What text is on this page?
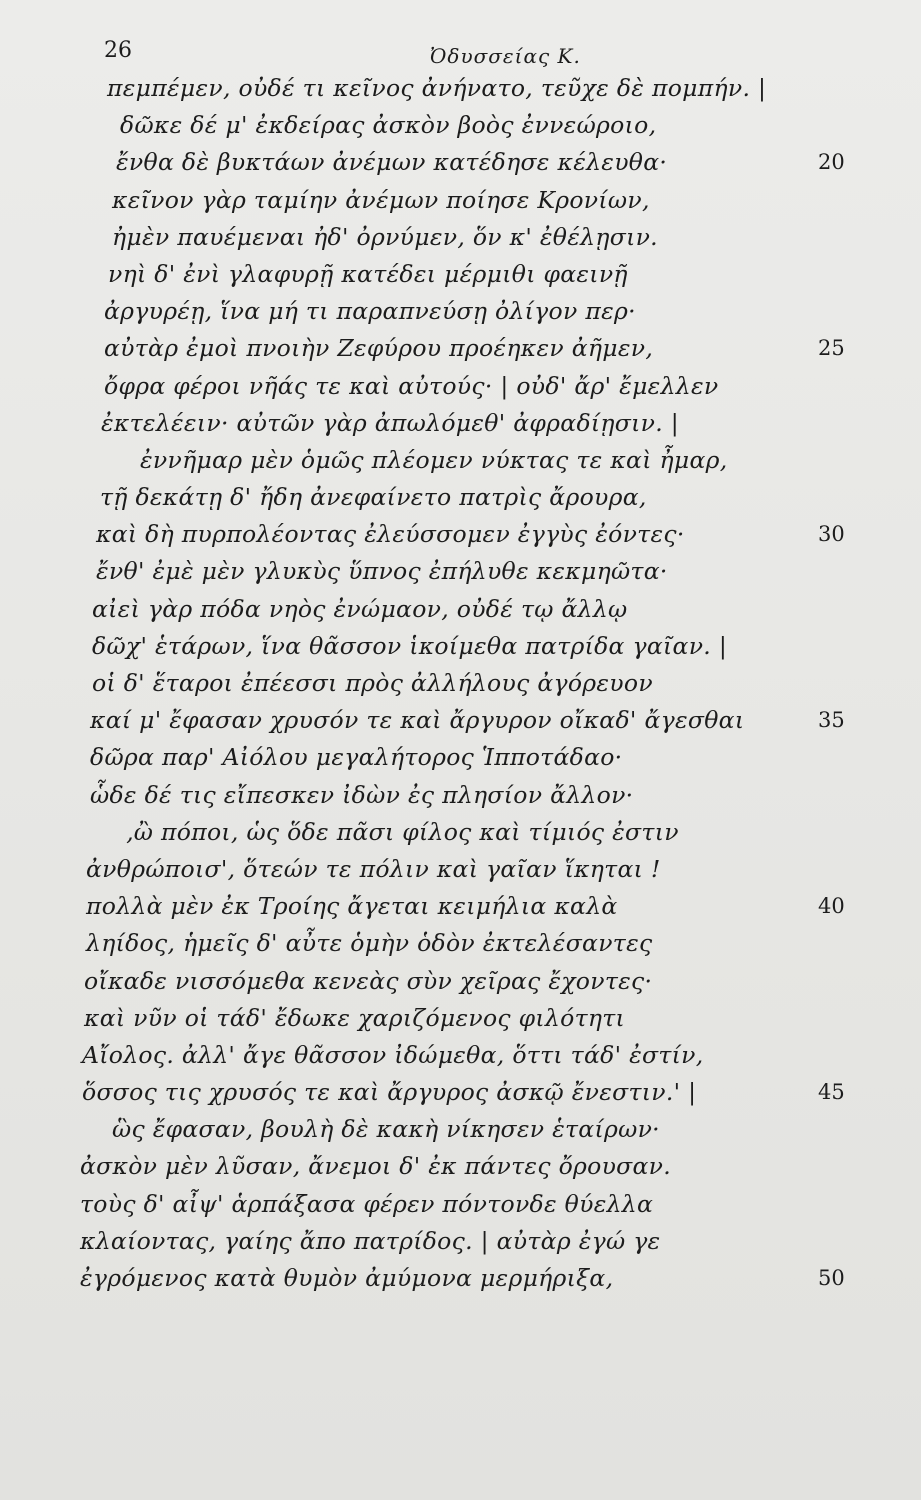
26	Ὀδυσσείας Κ.
πεμπέμεν, οὐδέ τι κεῖνος ἀνήνατο, τεῦχε δὲ πομπήν. |
δῶκε δέ μ' ἐκδείρας ἀσκὸν βοὸς ἐννεώροιο,
ἔνθα δὲ βυκτάων ἀνέμων κατέδησε κέλευθα·	20
κεῖνον γὰρ ταμίην ἀνέμων ποίησε Κρονίων,
ἠμὲν παυέμεναι ἠδ' ὀρνύμεν, ὅν κ' ἐθέλῃσιν.
νηὶ δ' ἐνὶ γλαφυρῇ κατέδει μέρμιθι φαεινῇ
ἀργυρέῃ, ἵνα μή τι παραπνεύσῃ ὀλίγον περ·
αὐτὰρ ἐμοὶ πνοιὴν Ζεφύρου προέηκεν ἀῆμεν,	25
ὄφρα φέροι νῆάς τε καὶ αὐτούς· | οὐδ' ἄρ' ἔμελλεν
ἐκτελέειν· αὐτῶν γὰρ ἀπωλόμεθ' ἀφραδίῃσιν. |
ἐννῆμαρ μὲν ὁμῶς πλέομεν νύκτας τε καὶ ἦμαρ,
τῇ δεκάτῃ δ' ἤδη ἀνεφαίνετο πατρὶς ἄρουρα,
καὶ δὴ πυρπολέοντας ἐλεύσσομεν ἐγγὺς ἐόντες·	30
ἔνθ' ἐμὲ μὲν γλυκὺς ὕπνος ἐπήλυθε κεκμηῶτα·
αἰεὶ γὰρ πόδα νηὸς ἐνώμαον, οὐδέ τῳ ἄλλῳ
δῶχ' ἑτάρων, ἵνα θᾶσσον ἱκοίμεθα πατρίδα γαῖαν. |
οἱ δ' ἕταροι ἐπέεσσι πρὸς ἀλλήλους ἀγόρευον
καί μ' ἔφασαν χρυσόν τε καὶ ἄργυρον οἴκαδ' ἄγεσθαι	35
δῶρα παρ' Αἰόλου μεγαλήτορος Ἱπποτάδαο·
ὧδε δέ τις εἴπεσκεν ἰδὼν ἐς πλησίον ἄλλον·
‚ὢ πόποι, ὡς ὅδε πᾶσι φίλος καὶ τίμιός ἐστιν
ἀνθρώποισ', ὅτεών τε πόλιν καὶ γαῖαν ἵκηται !
πολλὰ μὲν ἐκ Τροίης ἄγεται κειμήλια καλὰ	40
ληίδος, ἡμεῖς δ' αὖτε ὁμὴν ὁδὸν ἐκτελέσαντες
οἴκαδε νισσόμεθα κενεὰς σὺν χεῖρας ἔχοντες·
καὶ νῦν οἱ τάδ' ἔδωκε χαριζόμενος φιλότητι
Αἴολος. ἀλλ' ἄγε θᾶσσον ἰδώμεθα, ὅττι τάδ' ἐστίν,
ὅσσος τις χρυσός τε καὶ ἄργυρος ἀσκῷ ἔνεστιν.' |	45
ὣς ἔφασαν, βουλὴ δὲ κακὴ νίκησεν ἑταίρων·
ἀσκὸν μὲν λῦσαν, ἄνεμοι δ' ἐκ πάντες ὄρουσαν.
τοὺς δ' αἶψ' ἁρπάξασα φέρεν πόντονδε θύελλα
κλαίοντας, γαίης ἄπο πατρίδος. | αὐτὰρ ἐγώ γε
ἐγρόμενος κατὰ θυμὸν ἀμύμονα μερμήριξα,	50
